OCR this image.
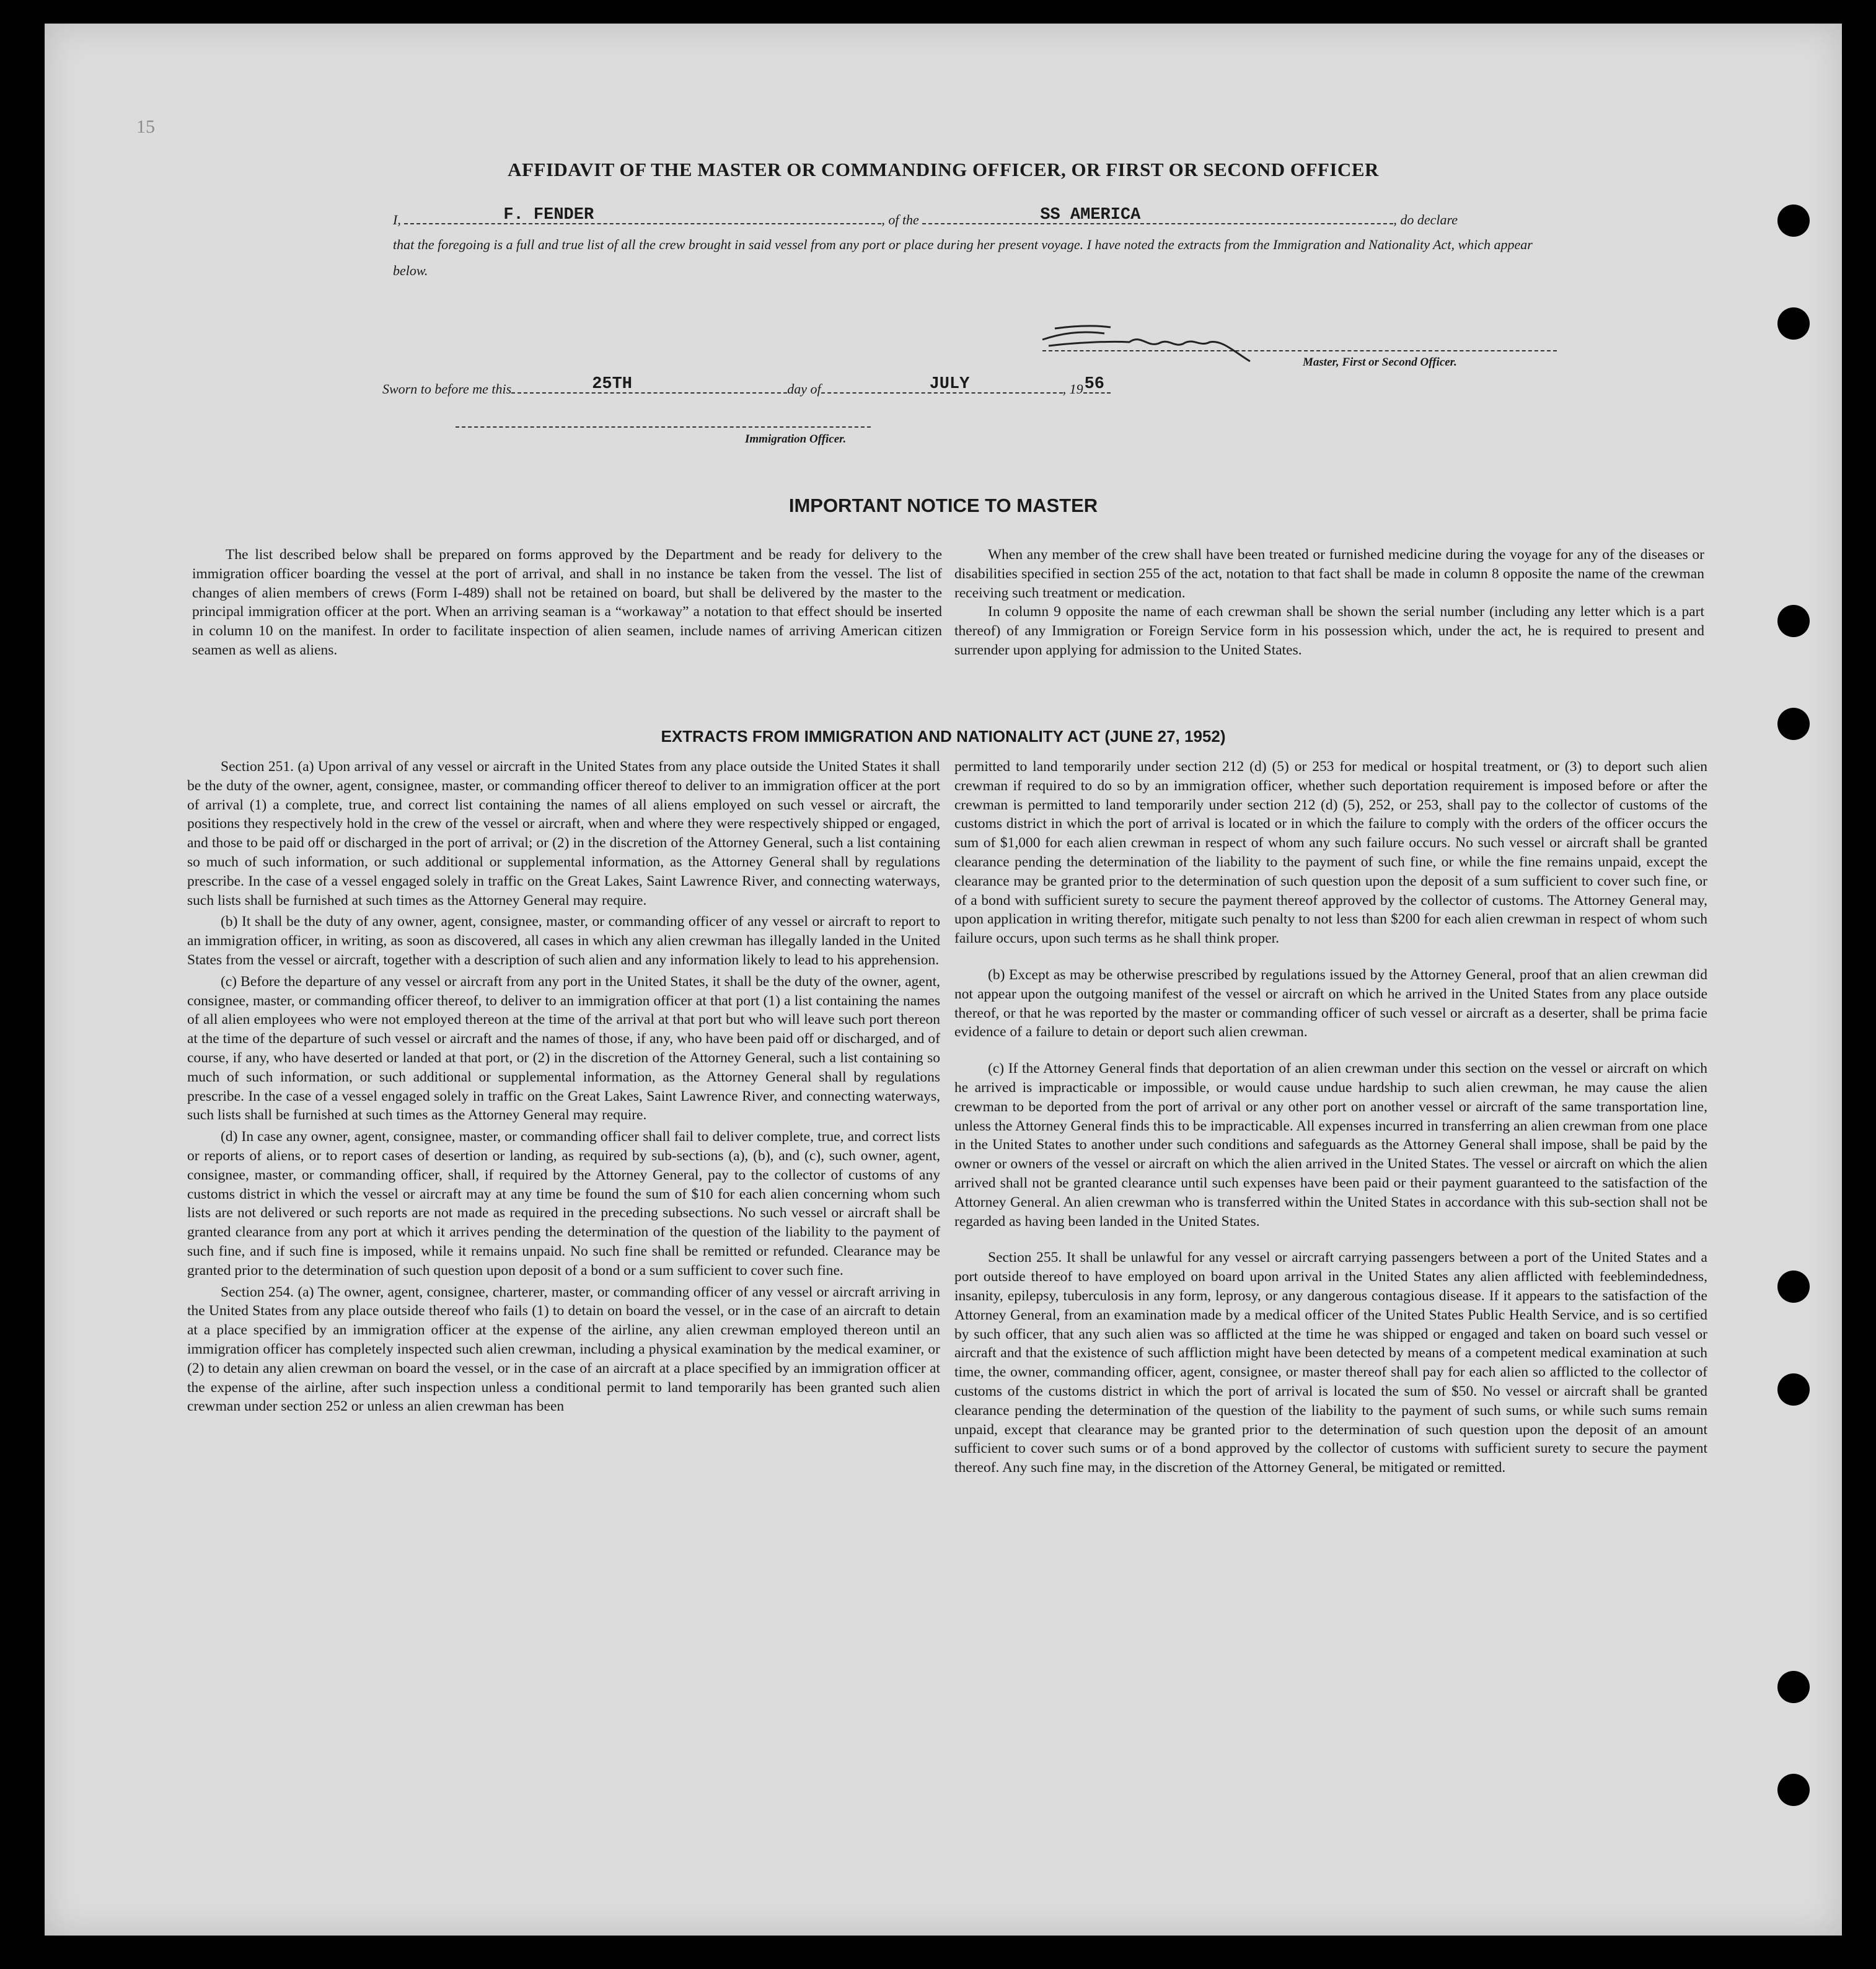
15
AFFIDAVIT OF THE MASTER OR COMMANDING OFFICER, OR FIRST OR SECOND OFFICER
I,	F. FENDER	, of the	SS AMERICA	, do declare
that the foregoing is a full and true list of all the crew brought in said vessel from any port or place during her present voyage. I have noted the extracts from the Immigration and Nationality Act, which appear below.
Master, First or Second Officer.
Sworn to before me this	25TH	day of	JULY	, 19 56
Immigration Officer.
IMPORTANT NOTICE TO MASTER

The list described below shall be prepared on forms approved by the Department and be ready for delivery to the immigration officer boarding the vessel at the port of arrival, and shall in no instance be taken from the vessel. The list of changes of alien members of crews (Form I-489) shall not be retained on board, but shall be delivered by the master to the principal immigration officer at the port. When an arriving seaman is a “workaway” a notation to that effect should be inserted in column 10 on the manifest. In order to facilitate inspection of alien seamen, include names of arriving American citizen seamen as well as aliens.

When any member of the crew shall have been treated or furnished medicine during the voyage for any of the diseases or disabilities specified in section 255 of the act, notation to that fact shall be made in column 8 opposite the name of the crewman receiving such treatment or medication.

In column 9 opposite the name of each crewman shall be shown the serial number (including any letter which is a part thereof) of any Immigration or Foreign Service form in his possession which, under the act, he is required to present and surrender upon applying for admission to the United States.

EXTRACTS FROM IMMIGRATION AND NATIONALITY ACT (JUNE 27, 1952)

Section 251. (a) Upon arrival of any vessel or aircraft in the United States from any place outside the United States it shall be the duty of the owner, agent, consignee, master, or commanding officer thereof to deliver to an immigration officer at the port of arrival (1) a complete, true, and correct list containing the names of all aliens employed on such vessel or aircraft, the positions they respectively hold in the crew of the vessel or aircraft, when and where they were respectively shipped or engaged, and those to be paid off or discharged in the port of arrival; or (2) in the discretion of the Attorney General, such a list containing so much of such information, or such additional or supplemental information, as the Attorney General shall by regulations prescribe. In the case of a vessel engaged solely in traffic on the Great Lakes, Saint Lawrence River, and connecting waterways, such lists shall be furnished at such times as the Attorney General may require.

(b) It shall be the duty of any owner, agent, consignee, master, or commanding officer of any vessel or aircraft to report to an immigration officer, in writing, as soon as discovered, all cases in which any alien crewman has illegally landed in the United States from the vessel or aircraft, together with a description of such alien and any information likely to lead to his apprehension.

(c) Before the departure of any vessel or aircraft from any port in the United States, it shall be the duty of the owner, agent, consignee, master, or commanding officer thereof, to deliver to an immigration officer at that port (1) a list containing the names of all alien employees who were not employed thereon at the time of the arrival at that port but who will leave such port thereon at the time of the departure of such vessel or aircraft and the names of those, if any, who have been paid off or discharged, and of course, if any, who have deserted or landed at that port, or (2) in the discretion of the Attorney General, such a list containing so much of such information, or such additional or supplemental information, as the Attorney General shall by regulations prescribe. In the case of a vessel engaged solely in traffic on the Great Lakes, Saint Lawrence River, and connecting waterways, such lists shall be furnished at such times as the Attorney General may require.

(d) In case any owner, agent, consignee, master, or commanding officer shall fail to deliver complete, true, and correct lists or reports of aliens, or to report cases of desertion or landing, as required by sub-sections (a), (b), and (c), such owner, agent, consignee, master, or commanding officer, shall, if required by the Attorney General, pay to the collector of customs of any customs district in which the vessel or aircraft may at any time be found the sum of $10 for each alien concerning whom such lists are not delivered or such reports are not made as required in the preceding subsections. No such vessel or aircraft shall be granted clearance from any port at which it arrives pending the determination of the question of the liability to the payment of such fine, and if such fine is imposed, while it remains unpaid. No such fine shall be remitted or refunded. Clearance may be granted prior to the determination of such question upon deposit of a bond or a sum sufficient to cover such fine.

Section 254. (a) The owner, agent, consignee, charterer, master, or commanding officer of any vessel or aircraft arriving in the United States from any place outside thereof who fails (1) to detain on board the vessel, or in the case of an aircraft to detain at a place specified by an immigration officer at the expense of the airline, any alien crewman employed thereon until an immigration officer has completely inspected such alien crewman, including a physical examination by the medical examiner, or (2) to detain any alien crewman on board the vessel, or in the case of an aircraft at a place specified by an immigration officer at the expense of the airline, after such inspection unless a conditional permit to land temporarily has been granted such alien crewman under section 252 or unless an alien crewman has been

permitted to land temporarily under section 212 (d) (5) or 253 for medical or hospital treatment, or (3) to deport such alien crewman if required to do so by an immigration officer, whether such deportation requirement is imposed before or after the crewman is permitted to land temporarily under section 212 (d) (5), 252, or 253, shall pay to the collector of customs of the customs district in which the port of arrival is located or in which the failure to comply with the orders of the officer occurs the sum of $1,000 for each alien crewman in respect of whom any such failure occurs. No such vessel or aircraft shall be granted clearance pending the determination of the liability to the payment of such fine, or while the fine remains unpaid, except the clearance may be granted prior to the determination of such question upon the deposit of a sum sufficient to cover such fine, or of a bond with sufficient surety to secure the payment thereof approved by the collector of customs. The Attorney General may, upon application in writing therefor, mitigate such penalty to not less than $200 for each alien crewman in respect of whom such failure occurs, upon such terms as he shall think proper.

(b) Except as may be otherwise prescribed by regulations issued by the Attorney General, proof that an alien crewman did not appear upon the outgoing manifest of the vessel or aircraft on which he arrived in the United States from any place outside thereof, or that he was reported by the master or commanding officer of such vessel or aircraft as a deserter, shall be prima facie evidence of a failure to detain or deport such alien crewman.

(c) If the Attorney General finds that deportation of an alien crewman under this section on the vessel or aircraft on which he arrived is impracticable or impossible, or would cause undue hardship to such alien crewman, he may cause the alien crewman to be deported from the port of arrival or any other port on another vessel or aircraft of the same transportation line, unless the Attorney General finds this to be impracticable. All expenses incurred in transferring an alien crewman from one place in the United States to another under such conditions and safeguards as the Attorney General shall impose, shall be paid by the owner or owners of the vessel or aircraft on which the alien arrived in the United States. The vessel or aircraft on which the alien arrived shall not be granted clearance until such expenses have been paid or their payment guaranteed to the satisfaction of the Attorney General. An alien crewman who is transferred within the United States in accordance with this sub-section shall not be regarded as having been landed in the United States.

Section 255. It shall be unlawful for any vessel or aircraft carrying passengers between a port of the United States and a port outside thereof to have employed on board upon arrival in the United States any alien afflicted with feeblemindedness, insanity, epilepsy, tuberculosis in any form, leprosy, or any dangerous contagious disease. If it appears to the satisfaction of the Attorney General, from an examination made by a medical officer of the United States Public Health Service, and is so certified by such officer, that any such alien was so afflicted at the time he was shipped or engaged and taken on board such vessel or aircraft and that the existence of such affliction might have been detected by means of a competent medical examination at such time, the owner, commanding officer, agent, consignee, or master thereof shall pay for each alien so afflicted to the collector of customs of the customs district in which the port of arrival is located the sum of $50. No vessel or aircraft shall be granted clearance pending the determination of the question of the liability to the payment of such sums, or while such sums remain unpaid, except that clearance may be granted prior to the determination of such question upon the deposit of an amount sufficient to cover such sums or of a bond approved by the collector of customs with sufficient surety to secure the payment thereof. Any such fine may, in the discretion of the Attorney General, be mitigated or remitted.
